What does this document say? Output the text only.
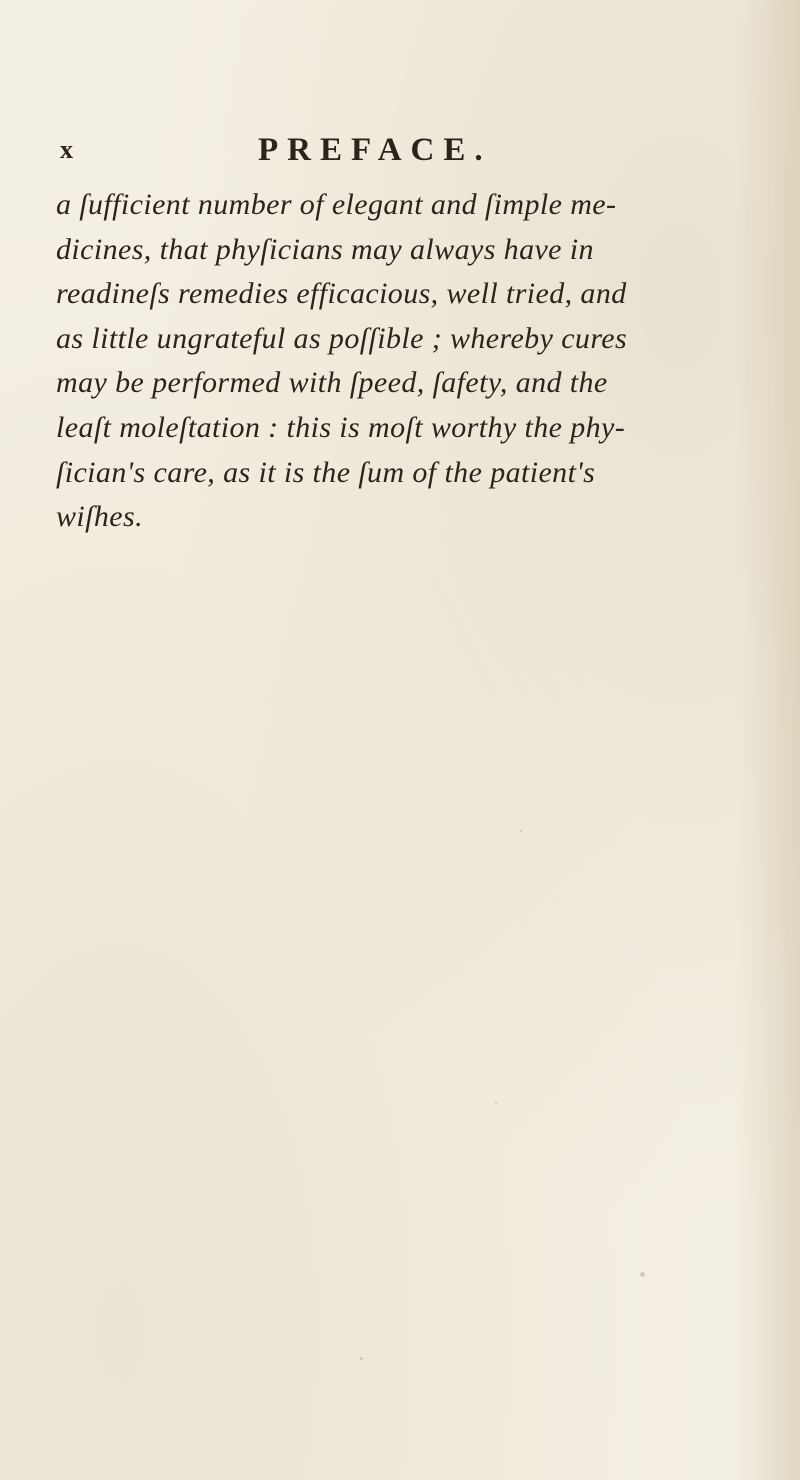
x	PREFACE.
a ſufficient number of elegant and ſimple me-
dicines, that phyſicians may always have in
readineſs remedies efficacious, well tried, and
as little ungrateful as poſſible ; whereby cures
may be performed with ſpeed, ſafety, and the
leaſt moleſtation : this is moſt worthy the phy-
ſician's care, as it is the ſum of the patient's
wiſhes.
